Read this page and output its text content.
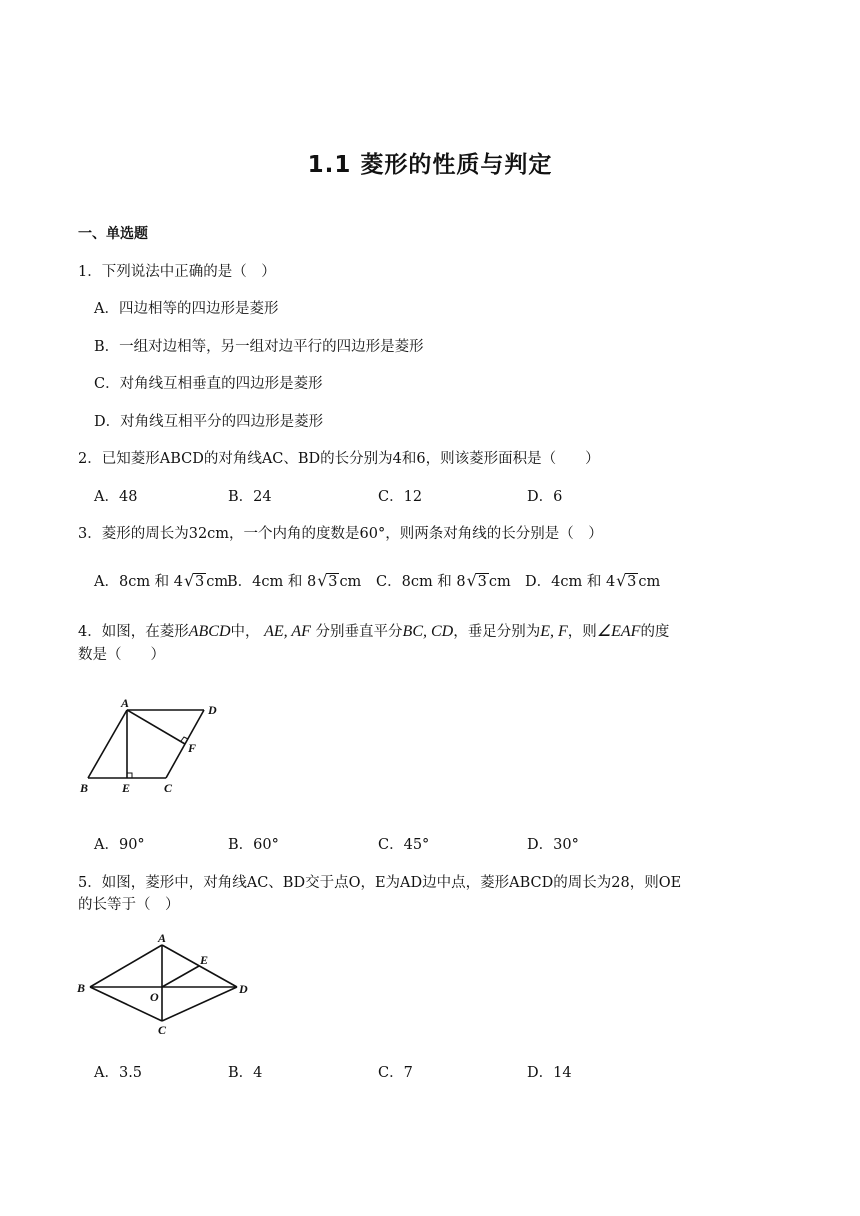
1.1 菱形的性质与判定
一、单选题
1．下列说法中正确的是（　）
A．四边相等的四边形是菱形
B．一组对边相等，另一组对边平行的四边形是菱形
C．对角线互相垂直的四边形是菱形
D．对角线互相平分的四边形是菱形
2．已知菱形ABCD的对角线AC、BD的长分别为4和6，则该菱形面积是（　　）
A．48	B．24	C．12	D．6
3．菱形的周长为32cm，一个内角的度数是60°，则两条对角线的长分别是（　）
A．8cm 和 4 √ 3 cm
B．4cm 和 8 √ 3 cm C．8cm 和 8 √ 3 cm D．4cm 和 4 √ 3 cm
4．如图，在菱形ABCD中， AE, AF 分别垂直平分BC, CD，垂足分别为E, F，则∠EAF的度
数是（　　）
A	D
F
B	E	C
A．90°	B．60°	C．45°	D．30°
5．如图，菱形中，对角线AC、BD交于点O，E为AD边中点，菱形ABCD的周长为28，则OE
的长等于（　）
A
E
B	D
O
C
A．3.5	B．4	C．7	D．14
